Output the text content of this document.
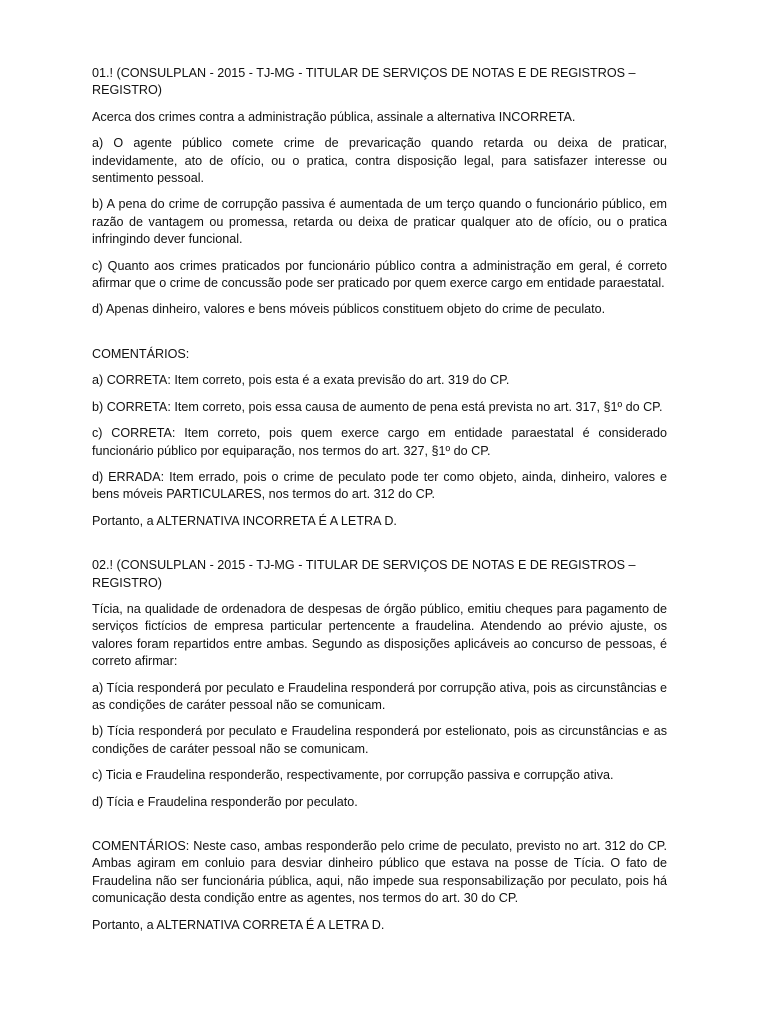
01.! (CONSULPLAN - 2015 - TJ-MG - TITULAR DE SERVIÇOS DE NOTAS E DE REGISTROS – REGISTRO)

Acerca dos crimes contra a administração pública, assinale a alternativa INCORRETA.

a) O agente público comete crime de prevaricação quando retarda ou deixa de praticar, indevidamente, ato de ofício, ou o pratica, contra disposição legal, para satisfazer interesse ou sentimento pessoal.

b) A pena do crime de corrupção passiva é aumentada de um terço quando o funcionário público, em razão de vantagem ou promessa, retarda ou deixa de praticar qualquer ato de ofício, ou o pratica infringindo dever funcional.

c) Quanto aos crimes praticados por funcionário público contra a administração em geral, é correto afirmar que o crime de concussão pode ser praticado por quem exerce cargo em entidade paraestatal.

d) Apenas dinheiro, valores e bens móveis públicos constituem objeto do crime de peculato.

COMENTÁRIOS:

a) CORRETA: Item correto, pois esta é a exata previsão do art. 319 do CP.

b) CORRETA: Item correto, pois essa causa de aumento de pena está prevista no art. 317, §1º do CP.

c) CORRETA: Item correto, pois quem exerce cargo em entidade paraestatal é considerado funcionário público por equiparação, nos termos do art. 327, §1º do CP.

d) ERRADA: Item errado, pois o crime de peculato pode ter como objeto, ainda, dinheiro, valores e bens móveis PARTICULARES, nos termos do art. 312 do CP.

Portanto, a ALTERNATIVA INCORRETA É A LETRA D.

02.! (CONSULPLAN - 2015 - TJ-MG - TITULAR DE SERVIÇOS DE NOTAS E DE REGISTROS – REGISTRO)

Tícia, na qualidade de ordenadora de despesas de órgão público, emitiu cheques para pagamento de serviços fictícios de empresa particular pertencente a fraudelina. Atendendo ao prévio ajuste, os valores foram repartidos entre ambas. Segundo as disposições aplicáveis ao concurso de pessoas, é correto afirmar:

a) Tícia responderá por peculato e Fraudelina responderá por corrupção ativa, pois as circunstâncias e as condições de caráter pessoal não se comunicam.

b) Tícia responderá por peculato e Fraudelina responderá por estelionato, pois as circunstâncias e as condições de caráter pessoal não se comunicam.

c) Ticia e Fraudelina responderão, respectivamente, por corrupção passiva e corrupção ativa.

d) Tícia e Fraudelina responderão por peculato.

COMENTÁRIOS: Neste caso, ambas responderão pelo crime de peculato, previsto no art. 312 do CP. Ambas agiram em conluio para desviar dinheiro público que estava na posse de Tícia. O fato de Fraudelina não ser funcionária pública, aqui, não impede sua responsabilização por peculato, pois há comunicação desta condição entre as agentes, nos termos do art. 30 do CP.

Portanto, a ALTERNATIVA CORRETA É A LETRA D.
